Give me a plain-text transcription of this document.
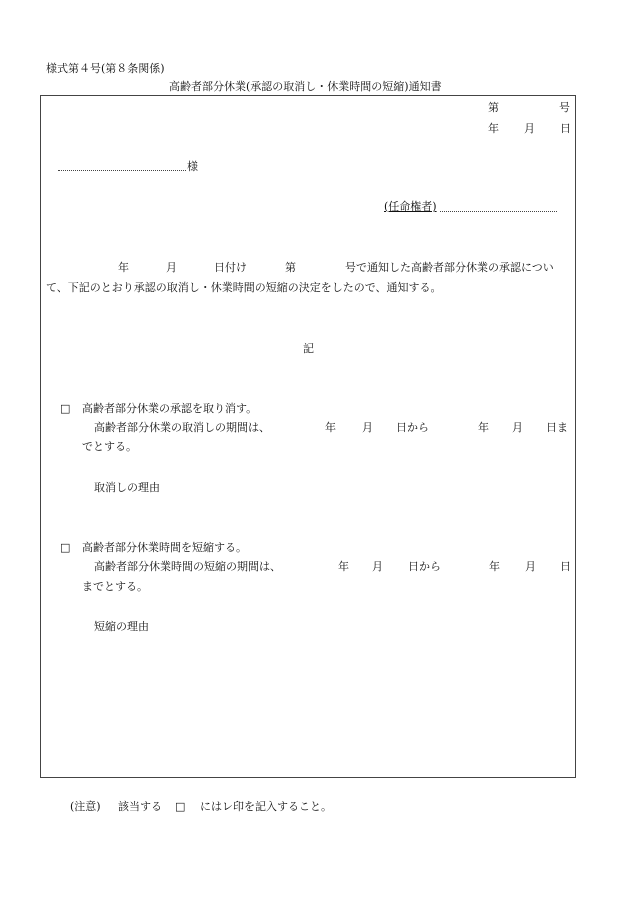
様式第４号(第８条関係)
高齢者部分休業(承認の取消し・休業時間の短縮)通知書
第	号
年 月 日
様
(任命権者)
年	月	日付け	第	号で通知した高齢者部分休業の承認につい
て、下記のとおり承認の取消し・休業時間の短縮の決定をしたので、通知する。
記
□ 高齢者部分休業の承認を取り消す。
高齢者部分休業の取消しの期間は、	年 月 日から	年 月 日ま
でとする。
取消しの理由
□ 高齢者部分休業時間を短縮する。
高齢者部分休業時間の短縮の期間は、	年 月 日から	年 月 日
までとする。
短縮の理由
(注意) 該当する □ にはレ印を記入すること。
